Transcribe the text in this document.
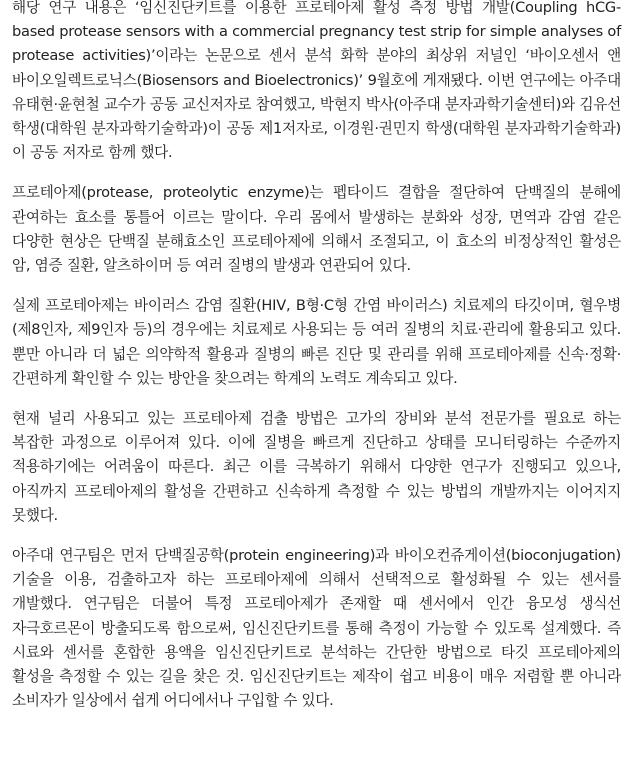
해당 연구 내용은 ‘임신진단키트를 이용한 프로테아제 활성 측정 방법 개발(Coupling hCG-based protease sensors with a commercial pregnancy test strip for simple analyses of protease activities)’이라는 논문으로 센서 분석 화학 분야의 최상위 저널인 ‘바이오센서 앤 바이오일렉트로닉스(Biosensors and Bioelectronics)’ 9월호에 게재됐다. 이번 연구에는 아주대 유태현·윤현철 교수가 공동 교신저자로 참여했고, 박현지 박사(아주대 분자과학기술센터)와 김유선 학생(대학원 분자과학기술학과)이 공동 제1저자로, 이경원·권민지 학생(대학원 분자과학기술학과)이 공동 저자로 함께 했다.

프로테아제(protease, proteolytic enzyme)는 펩타이드 결합을 절단하여 단백질의 분해에 관여하는 효소를 통틀어 이르는 말이다. 우리 몸에서 발생하는 분화와 성장, 면역과 감염 같은 다양한 현상은 단백질 분해효소인 프로테아제에 의해서 조절되고, 이 효소의 비정상적인 활성은 암, 염증 질환, 알츠하이머 등 여러 질병의 발생과 연관되어 있다.

실제 프로테아제는 바이러스 감염 질환(HIV, B형·C형 간염 바이러스) 치료제의 타깃이며, 혈우병(제8인자, 제9인자 등)의 경우에는 치료제로 사용되는 등 여러 질병의 치료·관리에 활용되고 있다. 뿐만 아니라 더 넓은 의약학적 활용과 질병의 빠른 진단 및 관리를 위해 프로테아제를 신속·정확·간편하게 확인할 수 있는 방안을 찾으려는 학계의 노력도 계속되고 있다.

현재 널리 사용되고 있는 프로테아제 검출 방법은 고가의 장비와 분석 전문가를 필요로 하는 복잡한 과정으로 이루어져 있다. 이에 질병을 빠르게 진단하고 상태를 모니터링하는 수준까지 적용하기에는 어려움이 따른다. 최근 이를 극복하기 위해서 다양한 연구가 진행되고 있으나, 아직까지 프로테아제의 활성을 간편하고 신속하게 측정할 수 있는 방법의 개발까지는 이어지지 못했다.

아주대 연구팀은 먼저 단백질공학(protein engineering)과 바이오컨쥬게이션(bioconjugation) 기술을 이용, 검출하고자 하는 프로테아제에 의해서 선택적으로 활성화될 수 있는 센서를 개발했다. 연구팀은 더불어 특정 프로테아제가 존재할 때 센서에서 인간 융모성 생식선 자극호르몬이 방출되도록 함으로써, 임신진단키트를 통해 측정이 가능할 수 있도록 설계했다. 즉 시료와 센서를 혼합한 용액을 임신진단키트로 분석하는 간단한 방법으로 타깃 프로테아제의 활성을 측정할 수 있는 길을 찾은 것. 임신진단키트는 제작이 쉽고 비용이 매우 저렴할 뿐 아니라 소비자가 일상에서 쉽게 어디에서나 구입할 수 있다.
